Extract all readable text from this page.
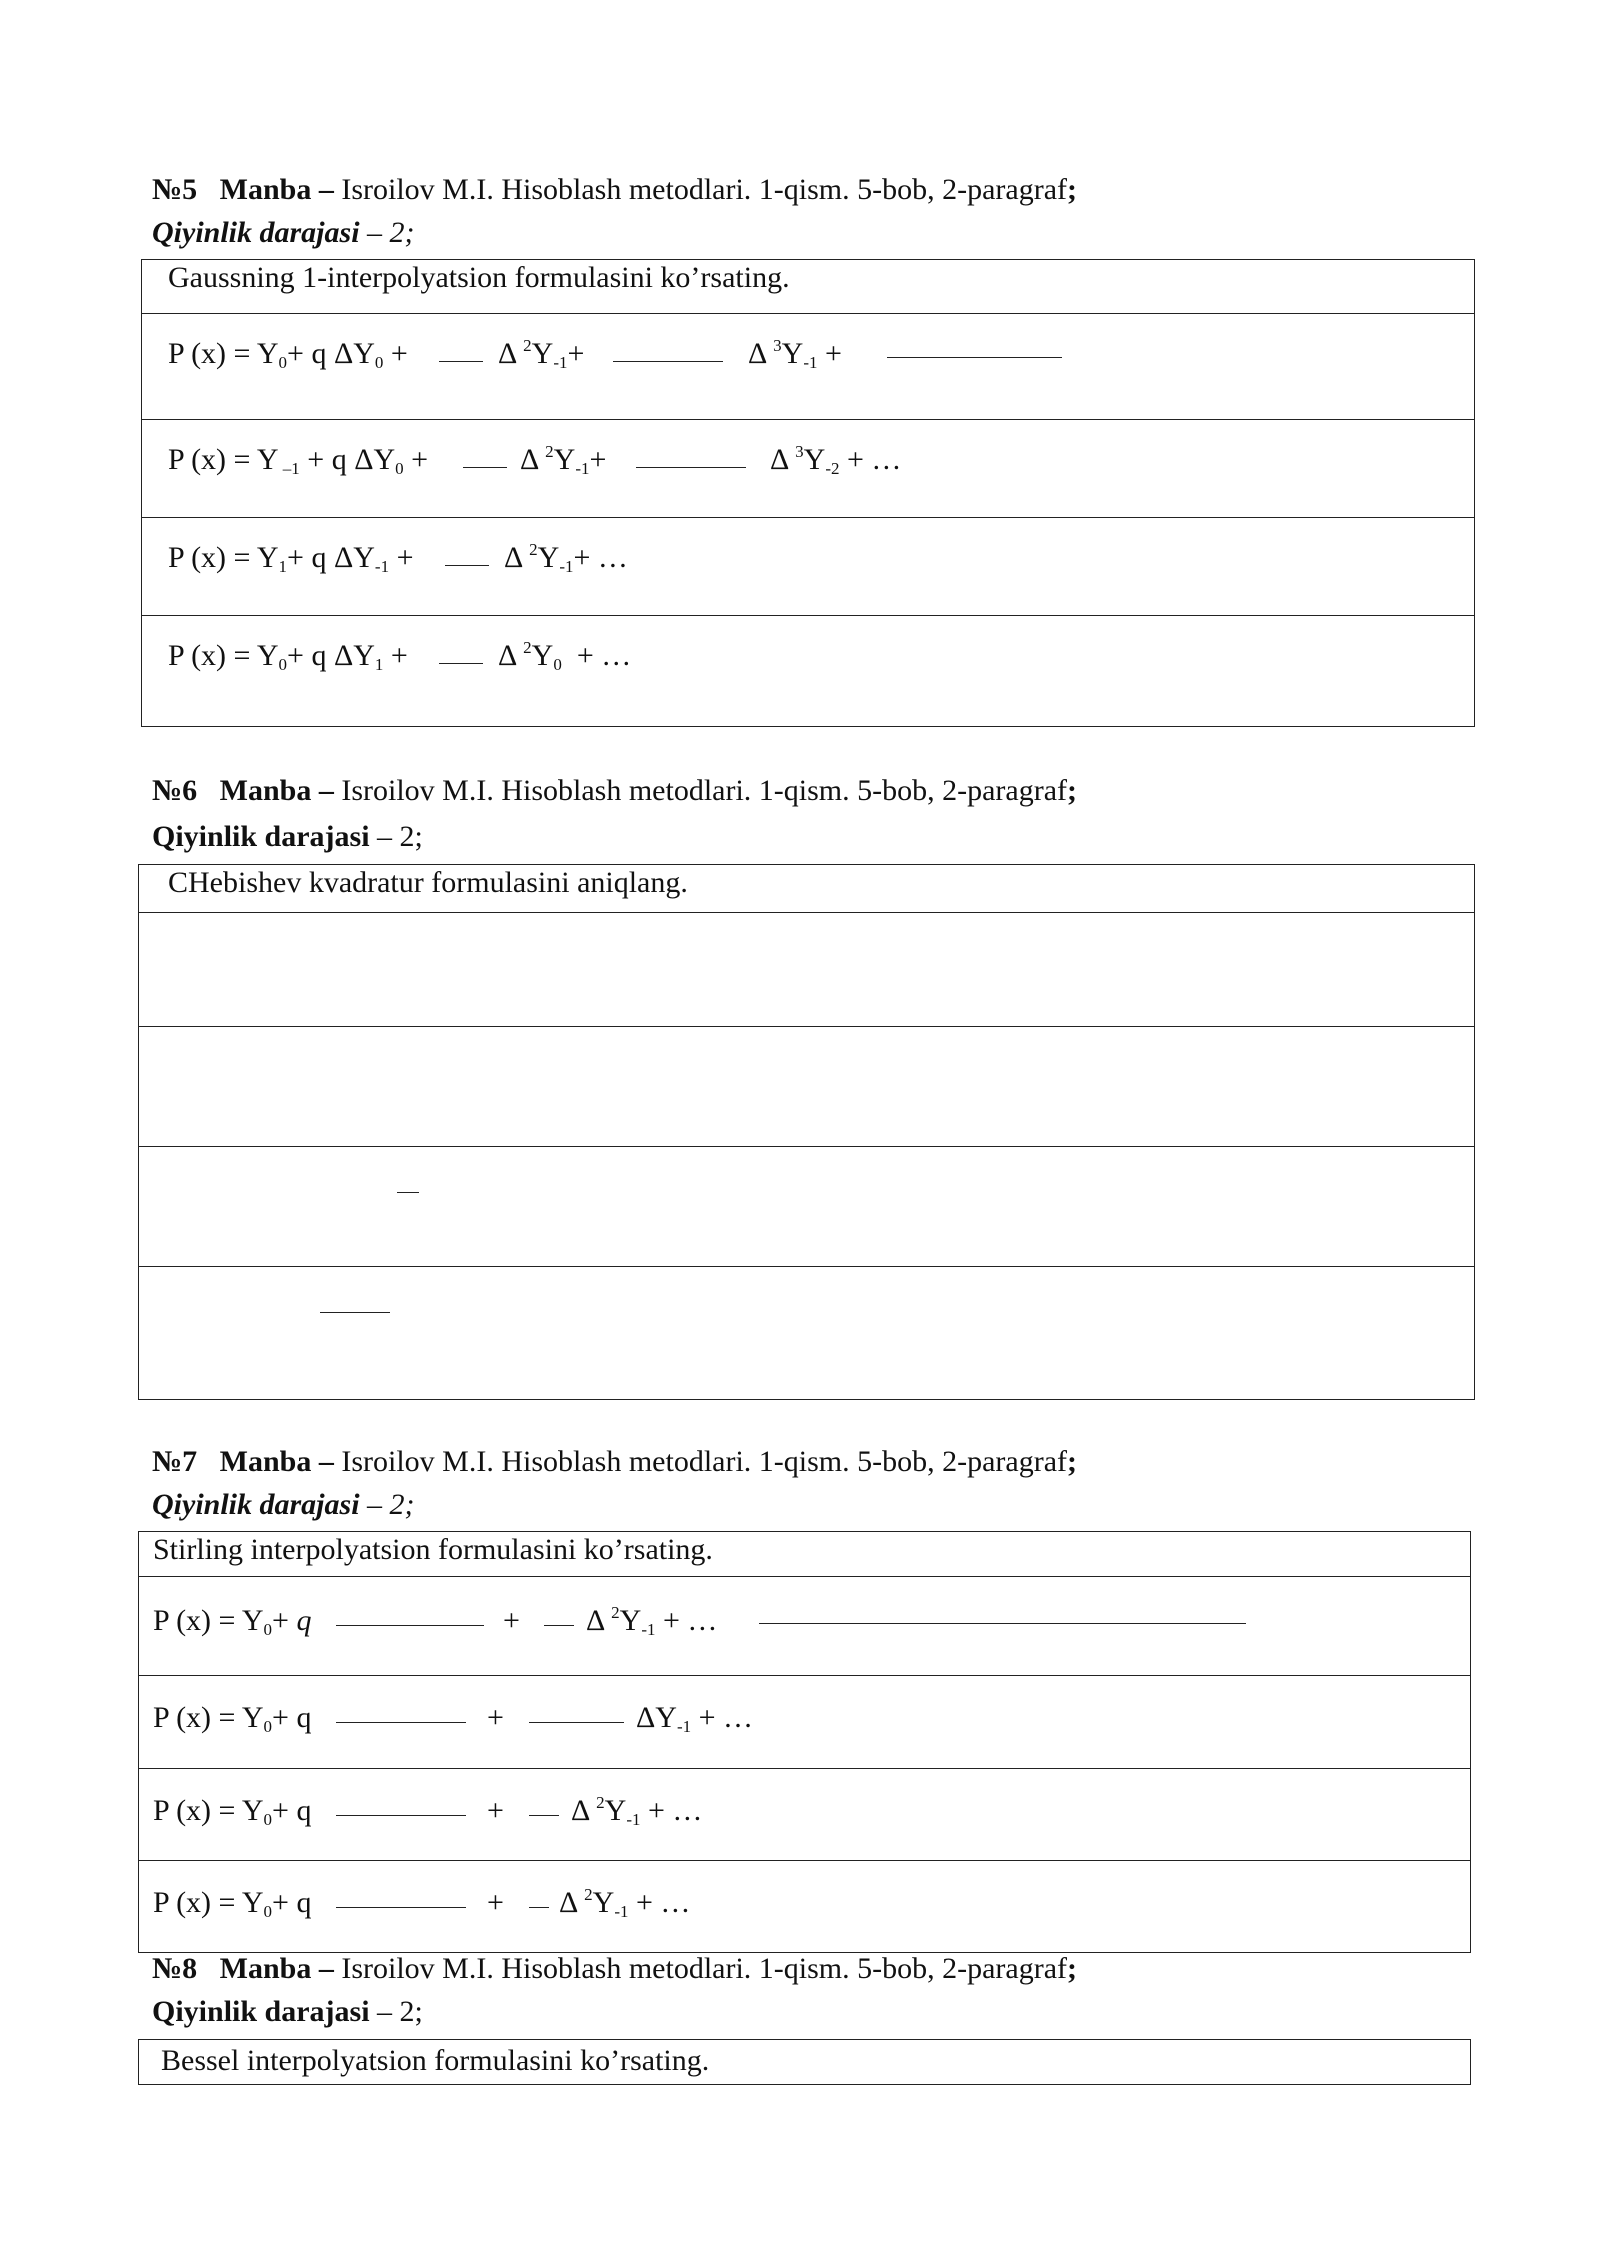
№5 Manba – Isroilov M.I. Hisoblash metodlari. 1-qism. 5-bob, 2-paragraf;
Qiyinlik darajasi – 2;
Gaussning 1-interpolyatsion formulasini ko’rsating.
P $(x) = Y_0+ q$ $\Delta Y_0$ +	Δ $^2Y_{-1}+$	Δ $^3Y_{-1}$ +
P (x) = Y $_{-1}$ + q $\Delta Y_0$ +	Δ $^2Y_{-1}+$	Δ $^3Y_{-2}$ + …
P $(x) = Y_1+ q$ $\Delta Y_{-1}$ +	Δ $^2Y_{-1}+$ …
P $(x) = Y_0+ q$ $\Delta Y_1$ +	Δ $^2Y_0$ + …
№6 Manba – Isroilov M.I. Hisoblash metodlari. 1-qism. 5-bob, 2-paragraf;
Qiyinlik darajasi – 2;
CHebishev kvadratur formulasini aniqlang.
№7 Manba – Isroilov M.I. Hisoblash metodlari. 1-qism. 5-bob, 2-paragraf;
Qiyinlik darajasi – 2;
Stirling interpolyatsion formulasini ko’rsating.
P $(x) = Y_0+ q$	+ Δ $^2Y_{-1}$ + …
P $(x) = Y_0+ q$	+	$\Delta Y_{-1}$ + …
P $(x) = Y_0+ q$	+ Δ $^2Y_{-1}$ + …
P $(x) = Y_0+ q$	+ Δ $^2Y_{-1}$ + …
№8 Manba – Isroilov M.I. Hisoblash metodlari. 1-qism. 5-bob, 2-paragraf;
Qiyinlik darajasi – 2;
Bessel interpolyatsion formulasini ko’rsating.
